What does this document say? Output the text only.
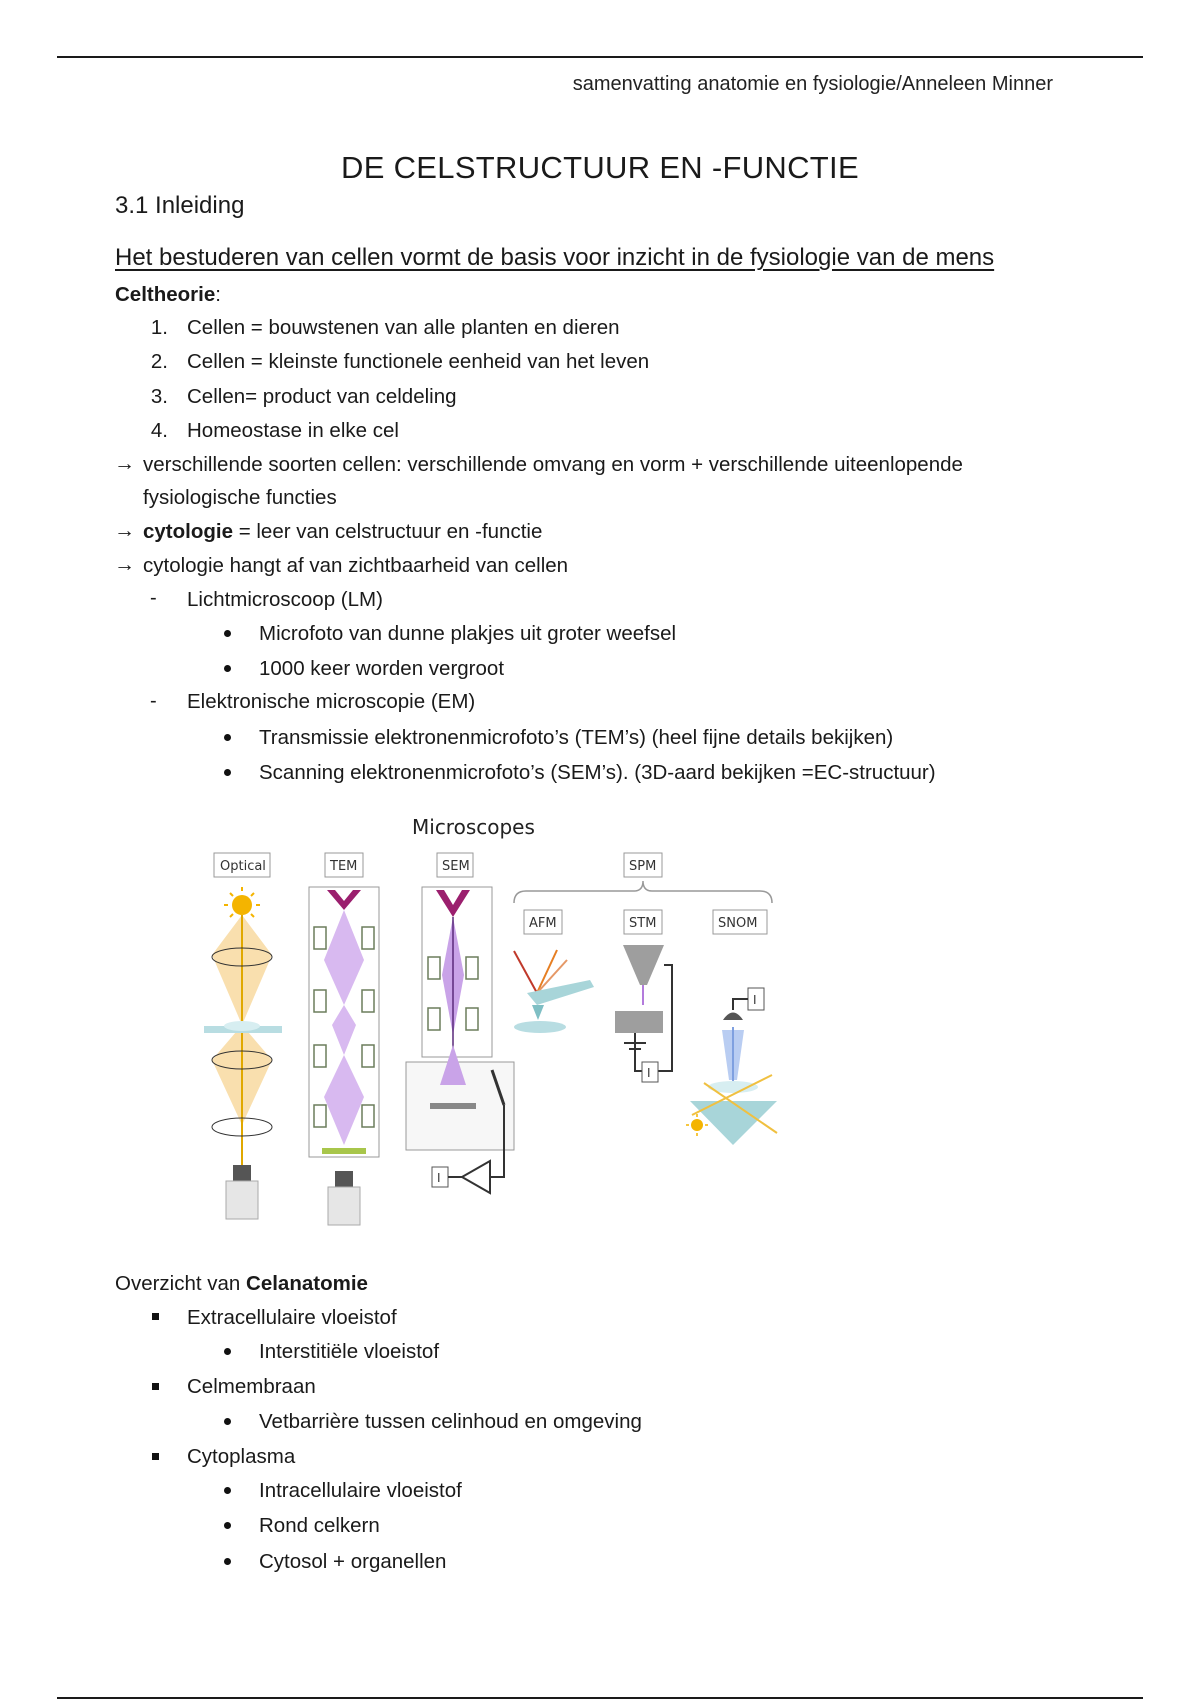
samenvatting anatomie en fysiologie/Anneleen Minner
DE CELSTRUCTUUR EN -FUNCTIE
3.1 Inleiding
Het bestuderen van cellen vormt de basis voor inzicht in de fysiologie van de mens
Celtheorie:
1. Cellen = bouwstenen van alle planten en dieren
2. Cellen = kleinste functionele eenheid van het leven
3. Cellen= product van celdeling
4. Homeostase in elke cel
→ verschillende soorten cellen: verschillende omvang en vorm + verschillende uiteenlopende
fysiologische functies
→ cytologie = leer van celstructuur en -functie
→ cytologie hangt af van zichtbaarheid van cellen
- Lichtmicroscoop (LM)
Microfoto van dunne plakjes uit groter weefsel
1000 keer worden vergroot
- Elektronische microscopie (EM)
Transmissie elektronenmicrofoto’s (TEM’s) (heel fijne details bekijken)
Scanning elektronenmicrofoto’s (SEM’s). (3D-aard bekijken =EC-structuur)
Microscopes
Optical	TEM	SEM	SPM
AFM	STM	SNOM
I
I
I
Overzicht van Celanatomie
Extracellulaire vloeistof
Interstitiële vloeistof
Celmembraan
Vetbarrière tussen celinhoud en omgeving
Cytoplasma
Intracellulaire vloeistof
Rond celkern
Cytosol + organellen
